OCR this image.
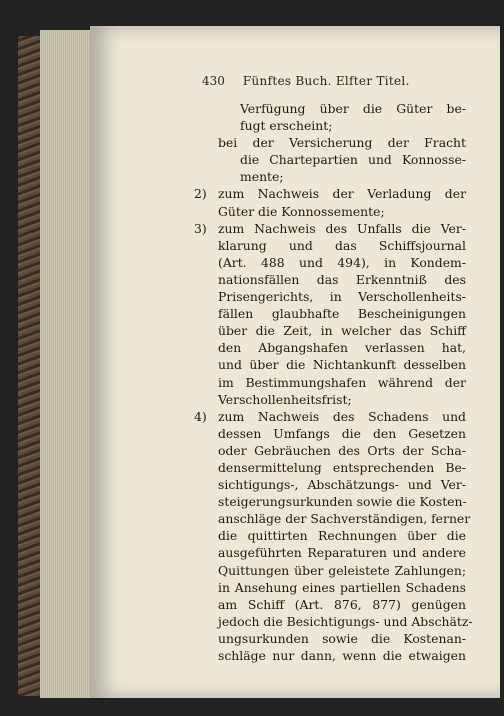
430 Fünftes Buch. Elfter Titel.
Verfügung über die Güter be-
fugt erscheint;
bei der Versicherung der Fracht
die Chartepartien und Konnosse-
mente;
2) zum Nachweis der Verladung der
Güter die Konnossemente;
3) zum Nachweis des Unfalls die Ver-
klarung und das Schiffsjournal
(Art. 488 und 494), in Kondem-
nationsfällen das Erkenntniß des
Prisengerichts, in Verschollenheits-
fällen glaubhafte Bescheinigungen
über die Zeit, in welcher das Schiff
den Abgangshafen verlassen hat,
und über die Nichtankunft desselben
im Bestimmungshafen während der
Verschollenheitsfrist;
4) zum Nachweis des Schadens und
dessen Umfangs die den Gesetzen
oder Gebräuchen des Orts der Scha-
densermittelung entsprechenden Be-
sichtigungs-, Abschätzungs- und Ver-
steigerungsurkunden sowie die Kosten-
anschläge der Sachverständigen, ferner
die quittirten Rechnungen über die
ausgeführten Reparaturen und andere
Quittungen über geleistete Zahlungen;
in Ansehung eines partiellen Schadens
am Schiff (Art. 876, 877) genügen
jedoch die Besichtigungs- und Abschätz-
ungsurkunden sowie die Kostenan-
schläge nur dann, wenn die etwaigen
